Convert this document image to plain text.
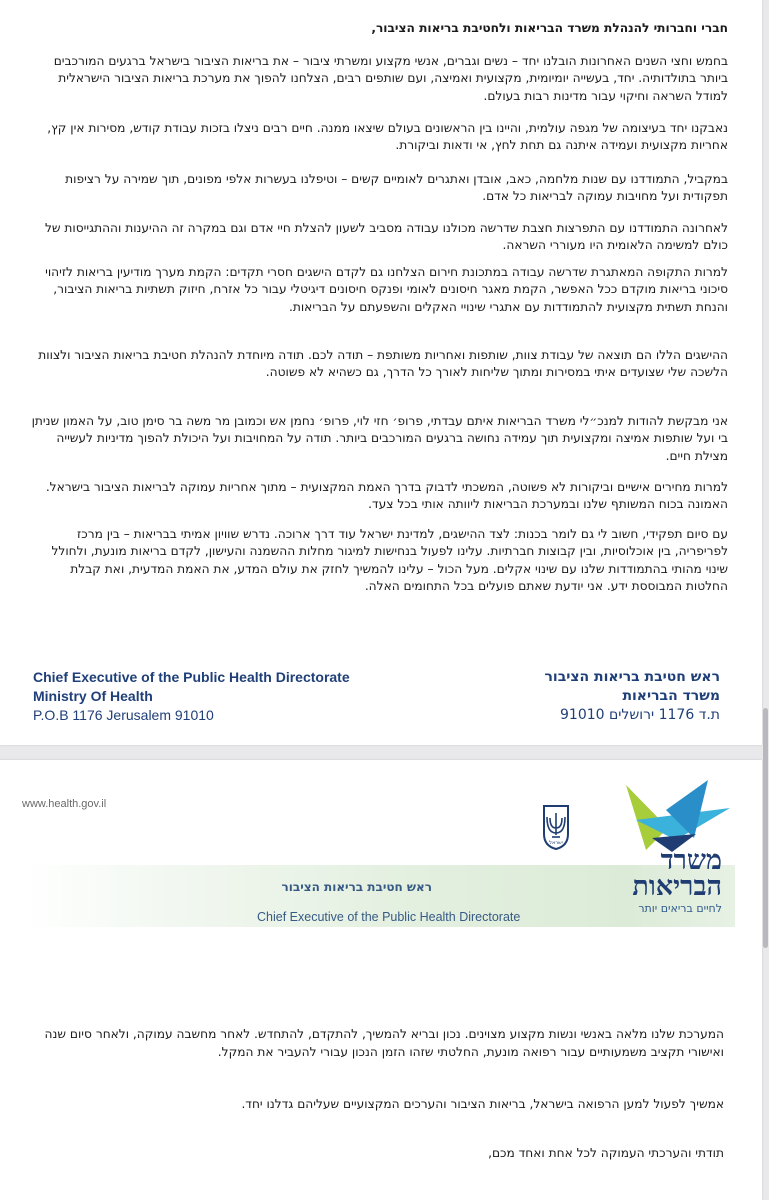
חברי וחברותי להנהלת משרד הבריאות ולחטיבת בריאות הציבור,

בחמש וחצי השנים האחרונות הובלנו יחד – נשים וגברים, אנשי מקצוע ומשרתי ציבור – את בריאות הציבור בישראל ברגעים המורכבים ביותר בתולדותיה. יחד, בעשייה יומיומית, מקצועית ואמיצה, ועם שותפים רבים, הצלחנו להפוך את מערכת בריאות הציבור הישראלית למודל השראה וחיקוי עבור מדינות רבות בעולם.

נאבקנו יחד בעיצומה של מגפה עולמית, והיינו בין הראשונים בעולם שיצאו ממנה. חיים רבים ניצלו בזכות עבודת קודש, מסירות אין קץ, אחריות מקצועית ועמידה איתנה גם תחת לחץ, אי ודאות וביקורת.

במקביל, התמודדנו עם שנות מלחמה, כאב, אובדן ואתגרים לאומיים קשים – וטיפלנו בעשרות אלפי מפונים, תוך שמירה על רציפות תפקודית ועל מחויבות עמוקה לבריאות כל אדם.

לאחרונה התמודדנו עם התפרצות חצבת שדרשה מכולנו עבודה מסביב לשעון להצלת חיי אדם וגם במקרה זה ההיענות וההתגייסות של כולם למשימה הלאומית היו מעוררי השראה.

למרות התקופה המאתגרת שדרשה עבודה במתכונת חירום הצלחנו גם לקדם הישגים חסרי תקדים: הקמת מערך מודיעין בריאות לזיהוי סיכוני בריאות מוקדם ככל האפשר, הקמת מאגר חיסונים לאומי ופנקס חיסונים דיגיטלי עבור כל אזרח, חיזוק תשתיות בריאות הציבור, והנחת תשתית מקצועית להתמודדות עם אתגרי שינויי האקלים והשפעתם על הבריאות.

ההישגים הללו הם תוצאה של עבודת צוות, שותפות ואחריות משותפת – תודה לכם. תודה מיוחדת להנהלת חטיבת בריאות הציבור ולצוות הלשכה שלי שצועדים איתי במסירות ומתוך שליחות לאורך כל הדרך, גם כשהיא לא פשוטה.

אני מבקשת להודות למנכ״לי משרד הבריאות איתם עבדתי, פרופ׳ חזי לוי, פרופ׳ נחמן אש וכמובן מר משה בר סימן טוב, על האמון שניתן בי ועל שותפות אמיצה ומקצועית תוך עמידה נחושה ברגעים המורכבים ביותר. תודה על המחויבות ועל היכולת להפוך מדיניות לעשייה מצילת חיים.

למרות מחירים אישיים וביקורות לא פשוטה, המשכתי לדבוק בדרך האמת המקצועית – מתוך אחריות עמוקה לבריאות הציבור בישראל. האמונה בכוח המשותף שלנו ובמערכת הבריאות ליוותה אותי בכל צעד.

עם סיום תפקידי, חשוב לי גם לומר בכנות: לצד ההישגים, למדינת ישראל עוד דרך ארוכה. נדרש שוויון אמיתי בבריאות – בין מרכז לפריפריה, בין אוכלוסיות, ובין קבוצות חברתיות. עלינו לפעול בנחישות למיגור מחלות ההשמנה והעישון, לקדם בריאות מונעת, ולחולל שינוי מהותי בהתמודדות שלנו עם שינוי אקלים. מעל הכול – עלינו להמשיך לחזק את עולם המדע, את האמת המדעית, ואת קבלת החלטות המבוססת ידע. אני יודעת שאתם פועלים בכל התחומים האלה.

Chief Executive of the Public Health Directorate
Ministry Of Health
P.O.B 1176 Jerusalem 91010
ראש חטיבת בריאות הציבור
משרד הבריאות
ת.ד 1176 ירושלים 91010
www.health.gov.il
ראש חטיבת בריאות הציבור
Chief Executive of the Public Health Directorate
ישראל
משרד
הבריאות
לחיים בריאים יותר

המערכת שלנו מלאה באנשי ונשות מקצוע מצוינים. נכון ובריא להמשיך, להתקדם, להתחדש. לאחר מחשבה עמוקה, ולאחר סיום שנה ואישורי תקציב משמעותיים עבור רפואה מונעת, החלטתי שזהו הזמן הנכון עבורי להעביר את המקל.

אמשיך לפעול למען הרפואה בישראל, בריאות הציבור והערכים המקצועיים שעליהם גדלנו יחד.

תודתי והערכתי העמוקה לכל אחת ואחד מכם,
